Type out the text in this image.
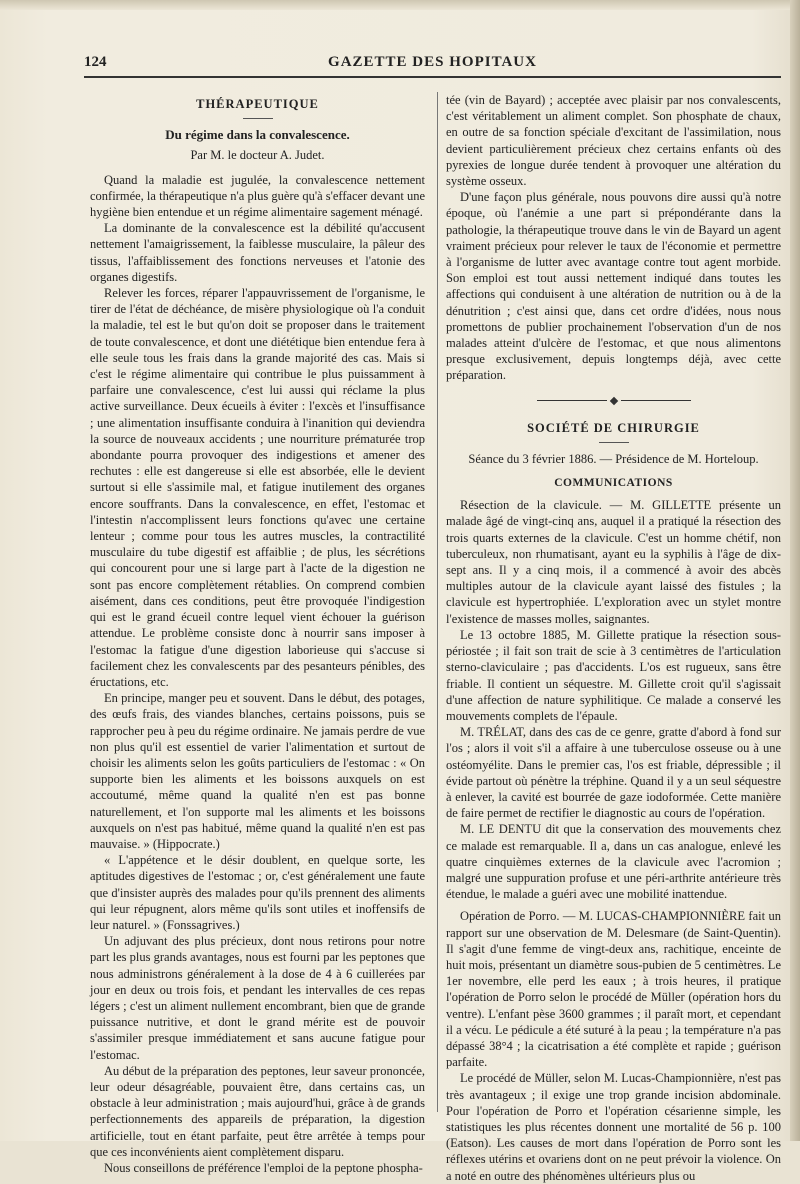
124	GAZETTE DES HOPITAUX
THÉRAPEUTIQUE
Du régime dans la convalescence.
Par M. le docteur A. Judet.

Quand la maladie est jugulée, la convalescence nettement confirmée, la thérapeutique n'a plus guère qu'à s'effacer devant une hygiène bien entendue et un régime alimentaire sagement ménagé.

La dominante de la convalescence est la débilité qu'accusent nettement l'amaigrissement, la faiblesse musculaire, la pâleur des tissus, l'affaiblissement des fonctions nerveuses et l'atonie des organes digestifs.

Relever les forces, réparer l'appauvrissement de l'organisme, le tirer de l'état de déchéance, de misère physiologique où l'a conduit la maladie, tel est le but qu'on doit se proposer dans le traitement de toute convalescence, et dont une diététique bien entendue fera à elle seule tous les frais dans la grande majorité des cas. Mais si c'est le régime alimentaire qui contribue le plus puissamment à parfaire une convalescence, c'est lui aussi qui réclame la plus active surveillance. Deux écueils à éviter : l'excès et l'insuffisance ; une alimentation insuffisante conduira à l'inanition qui deviendra la source de nouveaux accidents ; une nourriture prématurée trop abondante pourra provoquer des indigestions et amener des rechutes : elle est dangereuse si elle est absorbée, elle le devient surtout si elle s'assimile mal, et fatigue inutilement des organes encore souffrants. Dans la convalescence, en effet, l'estomac et l'intestin n'accomplissent leurs fonctions qu'avec une certaine lenteur ; comme pour tous les autres muscles, la contractilité musculaire du tube digestif est affaiblie ; de plus, les sécrétions qui concourent pour une si large part à l'acte de la digestion ne sont pas encore complètement rétablies. On comprend combien aisément, dans ces conditions, peut être provoquée l'indigestion qui est le grand écueil contre lequel vient échouer la guérison attendue. Le problème consiste donc à nourrir sans imposer à l'estomac la fatigue d'une digestion laborieuse qui s'accuse si facilement chez les convalescents par des pesanteurs pénibles, des éructations, etc.

En principe, manger peu et souvent. Dans le début, des potages, des œufs frais, des viandes blanches, certains poissons, puis se rapprocher peu à peu du régime ordinaire. Ne jamais perdre de vue non plus qu'il est essentiel de varier l'alimentation et surtout de choisir les aliments selon les goûts particuliers de l'estomac : « On supporte bien les aliments et les boissons auxquels on est accoutumé, même quand la qualité n'en est pas bonne naturellement, et l'on supporte mal les aliments et les boissons auxquels on n'est pas habitué, même quand la qualité n'en est pas mauvaise. » (Hippocrate.)

« L'appétence et le désir doublent, en quelque sorte, les aptitudes digestives de l'estomac ; or, c'est généralement une faute que d'insister auprès des malades pour qu'ils prennent des aliments qui leur répugnent, alors même qu'ils sont utiles et inoffensifs de leur naturel. » (Fonssagrives.)

Un adjuvant des plus précieux, dont nous retirons pour notre part les plus grands avantages, nous est fourni par les peptones que nous administrons généralement à la dose de 4 à 6 cuillerées par jour en deux ou trois fois, et pendant les intervalles de ces repas légers ; c'est un aliment nullement encombrant, bien que de grande puissance nutritive, et dont le grand mérite est de pouvoir s'assimiler presque immédiatement et sans aucune fatigue pour l'estomac.

Au début de la préparation des peptones, leur saveur prononcée, leur odeur désagréable, pouvaient être, dans certains cas, un obstacle à leur administration ; mais aujourd'hui, grâce à de grands perfectionnements des appareils de préparation, la digestion artificielle, tout en étant parfaite, peut être arrêtée à temps pour que ces inconvénients aient complètement disparu.

Nous conseillons de préférence l'emploi de la peptone phospha-

tée (vin de Bayard) ; acceptée avec plaisir par nos convalescents, c'est véritablement un aliment complet. Son phosphate de chaux, en outre de sa fonction spéciale d'excitant de l'assimilation, nous devient particulièrement précieux chez certains enfants où des pyrexies de longue durée tendent à provoquer une altération du système osseux.

D'une façon plus générale, nous pouvons dire aussi qu'à notre époque, où l'anémie a une part si prépondérante dans la pathologie, la thérapeutique trouve dans le vin de Bayard un agent vraiment précieux pour relever le taux de l'économie et permettre à l'organisme de lutter avec avantage contre tout agent morbide. Son emploi est tout aussi nettement indiqué dans toutes les affections qui conduisent à une altération de nutrition ou à de la dénutrition ; c'est ainsi que, dans cet ordre d'idées, nous nous promettons de publier prochainement l'observation d'un de nos malades atteint d'ulcère de l'estomac, et que nous alimentons presque exclusivement, depuis longtemps déjà, avec cette préparation.

SOCIÉTÉ DE CHIRURGIE
Séance du 3 février 1886. — Présidence de M. Horteloup.
COMMUNICATIONS

Résection de la clavicule. — M. GILLETTE présente un malade âgé de vingt-cinq ans, auquel il a pratiqué la résection des trois quarts externes de la clavicule. C'est un homme chétif, non tuberculeux, non rhumatisant, ayant eu la syphilis à l'âge de dix-sept ans. Il y a cinq mois, il a commencé à avoir des abcès multiples autour de la clavicule ayant laissé des fistules ; la clavicule est hypertrophiée. L'exploration avec un stylet montre l'existence de masses molles, saignantes.

Le 13 octobre 1885, M. Gillette pratique la résection sous-périostée ; il fait son trait de scie à 3 centimètres de l'articulation sterno-claviculaire ; pas d'accidents. L'os est rugueux, sans être friable. Il contient un séquestre. M. Gillette croit qu'il s'agissait d'une affection de nature syphilitique. Ce malade a conservé les mouvements complets de l'épaule.

M. TRÉLAT, dans des cas de ce genre, gratte d'abord à fond sur l'os ; alors il voit s'il a affaire à une tuberculose osseuse ou à une ostéomyélite. Dans le premier cas, l'os est friable, dépressible ; il évide partout où pénètre la tréphine. Quand il y a un seul séquestre à enlever, la cavité est bourrée de gaze iodoformée. Cette manière de faire permet de rectifier le diagnostic au cours de l'opération.

M. LE DENTU dit que la conservation des mouvements chez ce malade est remarquable. Il a, dans un cas analogue, enlevé les quatre cinquièmes externes de la clavicule avec l'acromion ; malgré une suppuration profuse et une péri-arthrite antérieure très étendue, le malade a guéri avec une mobilité inattendue.

Opération de Porro. — M. LUCAS-CHAMPIONNIÈRE fait un rapport sur une observation de M. Delesmare (de Saint-Quentin). Il s'agit d'une femme de vingt-deux ans, rachitique, enceinte de huit mois, présentant un diamètre sous-pubien de 5 centimètres. Le 1er novembre, elle perd les eaux ; à trois heures, il pratique l'opération de Porro selon le procédé de Müller (opération hors du ventre). L'enfant pèse 3600 grammes ; il paraît mort, et cependant il a vécu. Le pédicule a été suturé à la peau ; la température n'a pas dépassé 38°4 ; la cicatrisation a été complète et rapide ; guérison parfaite.

Le procédé de Müller, selon M. Lucas-Championnière, n'est pas très avantageux ; il exige une trop grande incision abdominale. Pour l'opération de Porro et l'opération césarienne simple, les statistiques les plus récentes donnent une mortalité de 56 p. 100 (Eatson). Les causes de mort dans l'opération de Porro sont les réflexes utérins et ovariens dont on ne peut prévoir la violence. On a noté en outre des phénomènes ultérieurs plus ou
